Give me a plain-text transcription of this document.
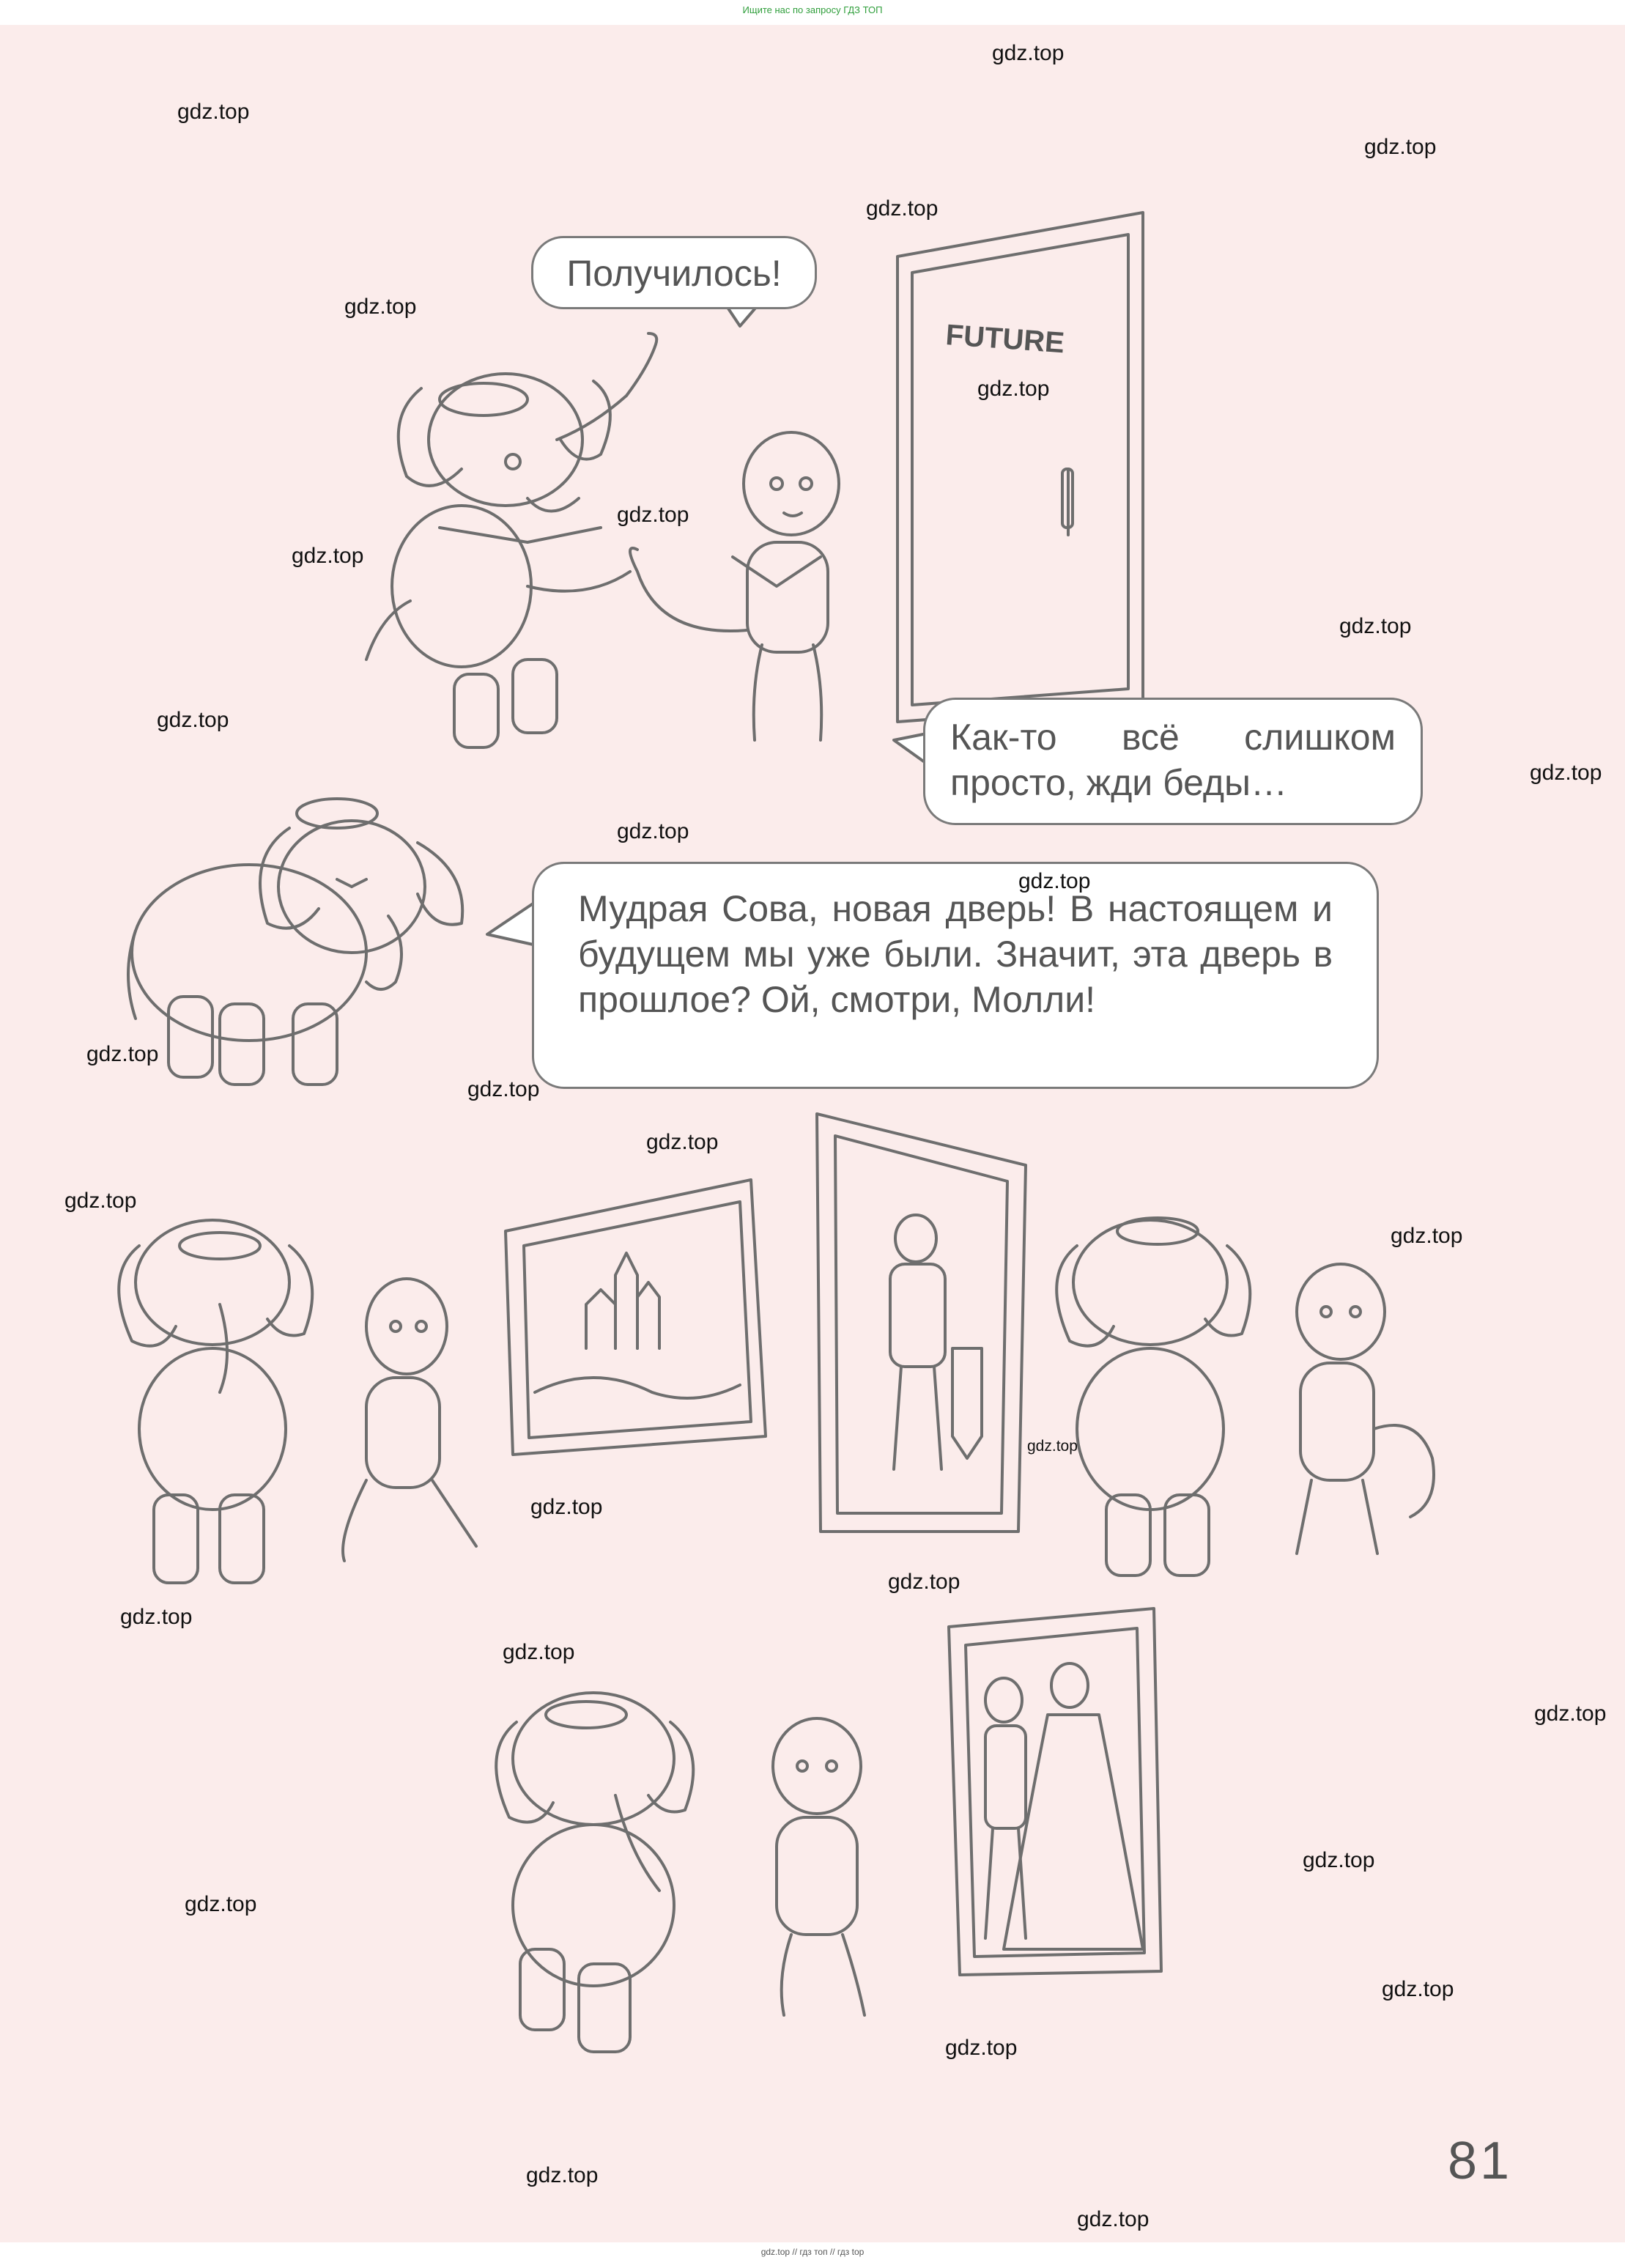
Ищите нас по запросу ГДЗ ТОП
FUTURE
Получилось!
Как-то всё слишком
просто, жди беды…
Мудрая Сова, новая дверь! В настоящем и будущем мы уже были. Значит, эта дверь в прошлое? Ой, смотри, Молли!
gdz.top
gdz.top
gdz.top
gdz.top
gdz.top
gdz.top
gdz.top
gdz.top
gdz.top
gdz.top
gdz.top
gdz.top
gdz.top
gdz.top
gdz.top
gdz.top
gdz.top
gdz.top
gdz.top
gdz.top
gdz.top
gdz.top
gdz.top
gdz.top
gdz.top
gdz.top
gdz.top
gdz.top
gdz.top
gdz.top
81
gdz.top // гдз топ // гдз top
